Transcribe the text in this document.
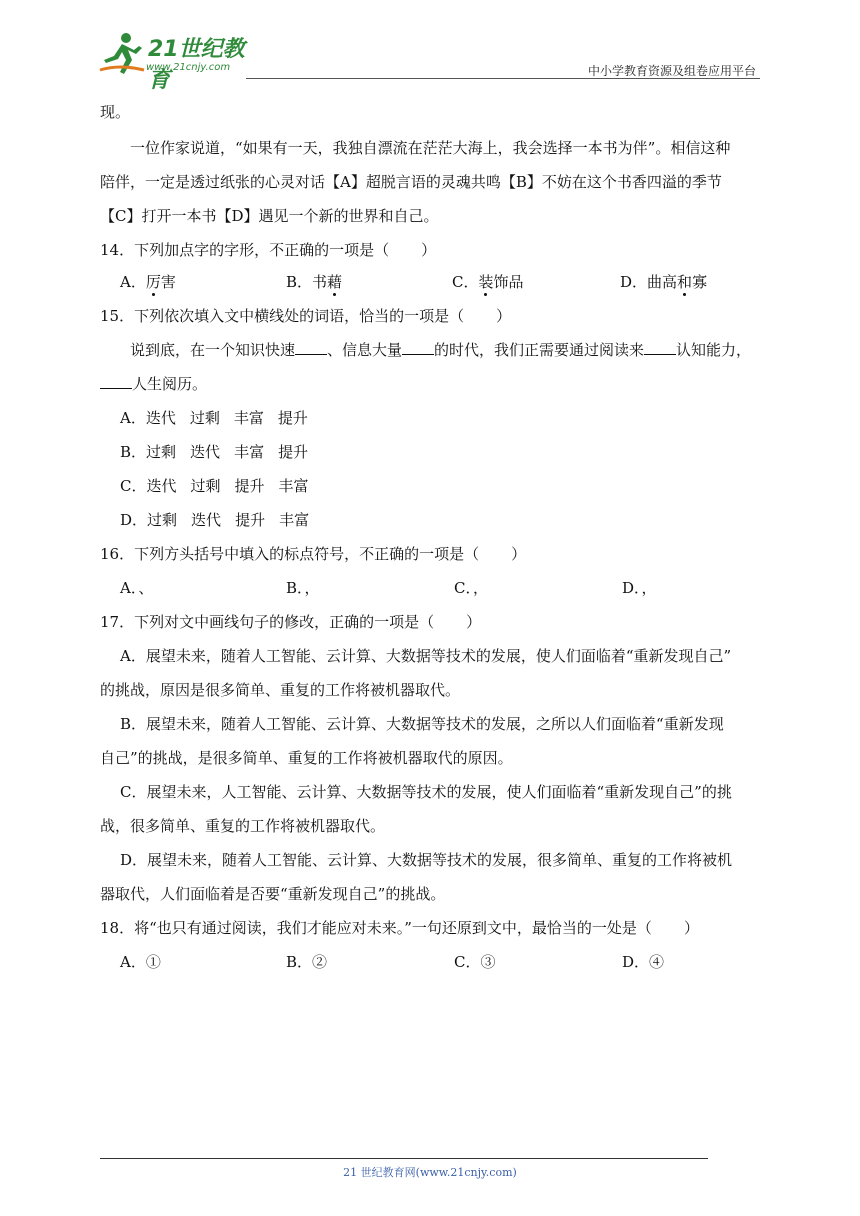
21世纪教育
www.21cnjy.com	中小学教育资源及组卷应用平台
现。
一位作家说道，“如果有一天，我独自漂流在茫茫大海上，我会选择一本书为伴”。相信这种
陪伴，一定是透过纸张的心灵对话【A】超脱言语的灵魂共鸣【B】不妨在这个书香四溢的季节
【C】打开一本书【D】遇见一个新的世界和自己。
14．下列加点字的字形，不正确的一项是（ ）
A．厉害	B．书藉	C．装饰品	D．曲高和寡
15．下列依次填入文中横线处的词语，恰当的一项是（ ）
说到底，在一个知识快速 、信息大量 的时代，我们正需要通过阅读来 认知能力，
人生阅历。
A．迭代 过剩 丰富 提升
B．过剩 迭代 丰富 提升
C．迭代 过剩 提升 丰富
D．过剩 迭代 提升 丰富
16．下列方头括号中填入的标点符号，不正确的一项是（ ）
A．、	B．，	C．，	D．，
17．下列对文中画线句子的修改，正确的一项是（ ）
A．展望未来，随着人工智能、云计算、大数据等技术的发展，使人们面临着“重新发现自己”
的挑战，原因是很多简单、重复的工作将被机器取代。
B．展望未来，随着人工智能、云计算、大数据等技术的发展，之所以人们面临着“重新发现
自己”的挑战，是很多简单、重复的工作将被机器取代的原因。
C．展望未来，人工智能、云计算、大数据等技术的发展，使人们面临着“重新发现自己”的挑
战，很多简单、重复的工作将被机器取代。
D．展望未来，随着人工智能、云计算、大数据等技术的发展，很多简单、重复的工作将被机
器取代，人们面临着是否要“重新发现自己”的挑战。
18．将“也只有通过阅读，我们才能应对未来。”一句还原到文中，最恰当的一处是（ ）
A．①	B．②	C．③	D．④
21 世纪教育网(www.21cnjy.com)
